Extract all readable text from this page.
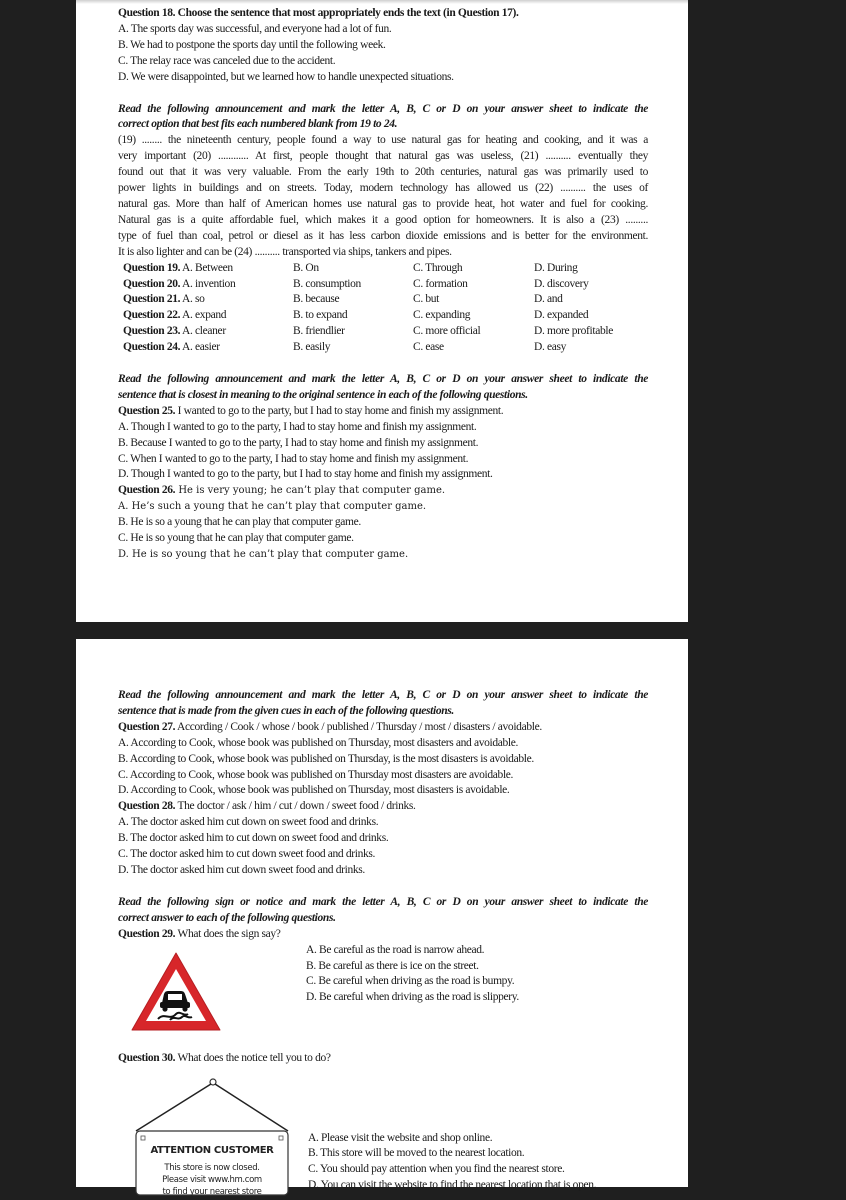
Question 18. Choose the sentence that most appropriately ends the text (in Question 17).
A. The sports day was successful, and everyone had a lot of fun.
B. We had to postpone the sports day until the following week.
C. The relay race was canceled due to the accident.
D. We were disappointed, but we learned how to handle unexpected situations.
Read the following announcement and mark the letter A, B, C or D on your answer sheet to indicate the
correct option that best fits each numbered blank from 19 to 24.
(19) ........ the nineteenth century, people found a way to use natural gas for heating and cooking, and it was a
very important (20) ............ At first, people thought that natural gas was useless, (21) .......... eventually they
found out that it was very valuable. From the early 19th to 20th centuries, natural gas was primarily used to
power lights in buildings and on streets. Today, modern technology has allowed us (22) .......... the uses of
natural gas. More than half of American homes use natural gas to provide heat, hot water and fuel for cooking.
Natural gas is a quite affordable fuel, which makes it a good option for homeowners. It is also a (23) .........
type of fuel than coal, petrol or diesel as it has less carbon dioxide emissions and is better for the environment.
It is also lighter and can be (24) .......... transported via ships, tankers and pipes.
Question 19. A. Between	B. On	C. Through	D. During
Question 20. A. invention	B. consumption	C. formation	D. discovery
Question 21. A. so	B. because	C. but	D. and
Question 22. A. expand	B. to expand	C. expanding	D. expanded
Question 23. A. cleaner	B. friendlier	C. more official	D. more profitable
Question 24. A. easier	B. easily	C. ease	D. easy
Read the following announcement and mark the letter A, B, C or D on your answer sheet to indicate the
sentence that is closest in meaning to the original sentence in each of the following questions.
Question 25. I wanted to go to the party, but I had to stay home and finish my assignment.
A. Though I wanted to go to the party, I had to stay home and finish my assignment.
B. Because I wanted to go to the party, I had to stay home and finish my assignment.
C. When I wanted to go to the party, I had to stay home and finish my assignment.
D. Though I wanted to go to the party, but I had to stay home and finish my assignment.
Question 26. He is very young; he can’t play that computer game.
A. He’s such a young that he can’t play that computer game.
B. He is so a young that he can play that computer game.
C. He is so young that he can play that computer game.
D. He is so young that he can’t play that computer game.
Read the following announcement and mark the letter A, B, C or D on your answer sheet to indicate the
sentence that is made from the given cues in each of the following questions.
Question 27. According / Cook / whose / book / published / Thursday / most / disasters / avoidable.
A. According to Cook, whose book was published on Thursday, most disasters and avoidable.
B. According to Cook, whose book was published on Thursday, is the most disasters is avoidable.
C. According to Cook, whose book was published on Thursday most disasters are avoidable.
D. According to Cook, whose book was published on Thursday, most disasters is avoidable.
Question 28. The doctor / ask / him / cut / down / sweet food / drinks.
A. The doctor asked him cut down on sweet food and drinks.
B. The doctor asked him to cut down on sweet food and drinks.
C. The doctor asked him to cut down sweet food and drinks.
D. The doctor asked him cut down sweet food and drinks.
Read the following sign or notice and mark the letter A, B, C or D on your answer sheet to indicate the
correct answer to each of the following questions.
Question 29. What does the sign say?
A. Be careful as the road is narrow ahead.
B. Be careful as there is ice on the street.
C. Be careful when driving as the road is bumpy.
D. Be careful when driving as the road is slippery.
Question 30. What does the notice tell you to do?
ATTENTION CUSTOMER
This store is now closed.
Please visit www.hm.com
to find your nearest store
A. Please visit the website and shop online.
B. This store will be moved to the nearest location.
C. You should pay attention when you find the nearest store.
D. You can visit the website to find the nearest location that is open.
